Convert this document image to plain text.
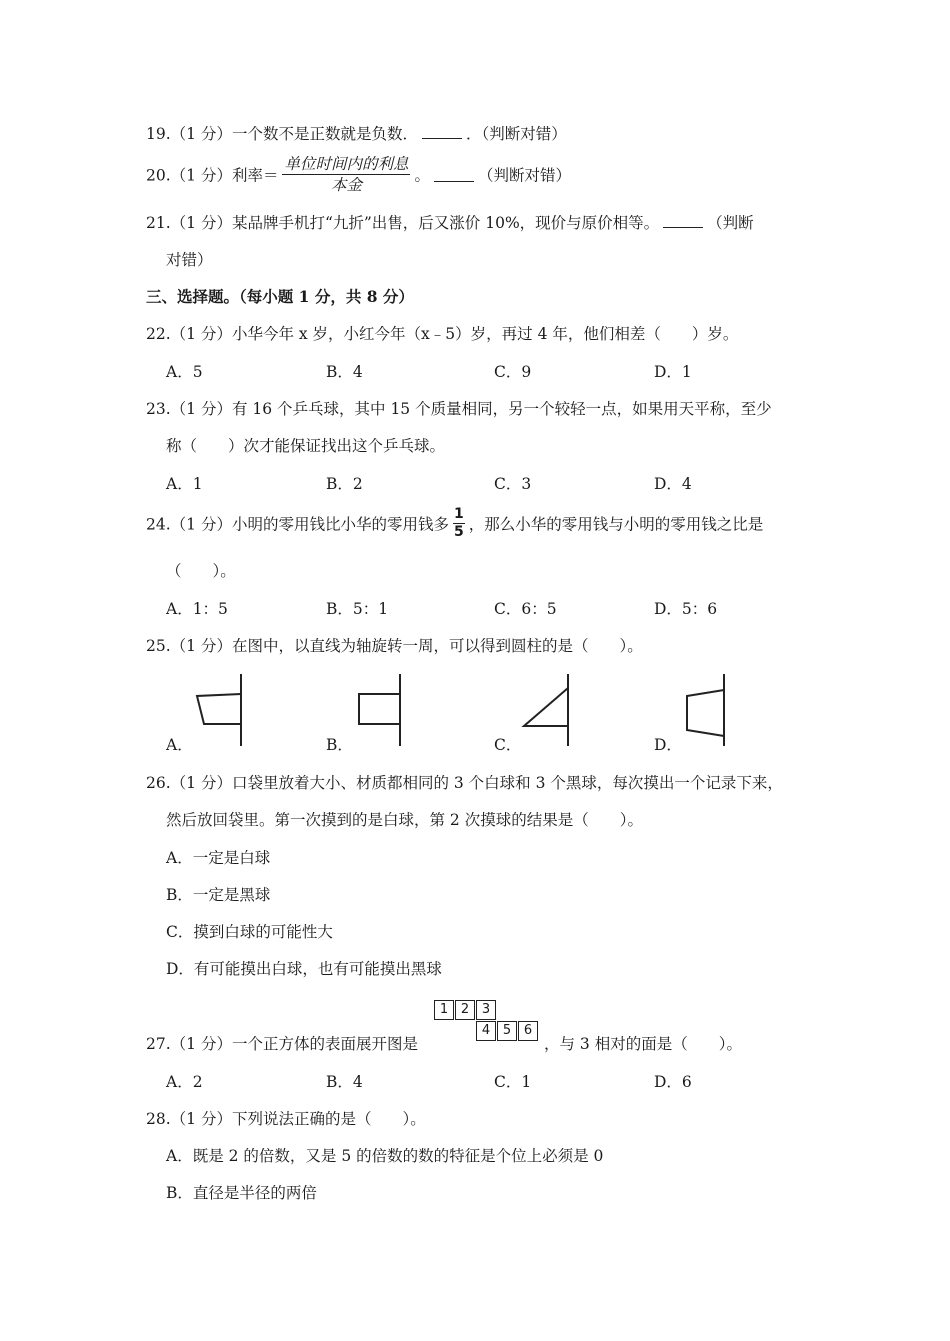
19.（1 分）一个数不是正数就是负数．	．（判断对错）
20.（1 分）利率＝ $\frac{\text{单位时间内的利息}}{\text{本金}}$ 。	（判断对错）
21.（1 分）某品牌手机打“九折”出售，后又涨价 10%，现价与原价相等。	（判断
对错）
三、选择题。（每小题 1 分，共 8 分）
22.（1 分）小华今年 x 岁，小红今年（x﹣5）岁，再过 4 年，他们相差（　　）岁。
A．5	B．4	C．9	D．1
23.（1 分）有 16 个乒乓球，其中 15 个质量相同，另一个较轻一点，如果用天平称，至少
称（　　）次才能保证找出这个乒乓球。
A．1	B．2	C．3	D．4
24.（1 分）小明的零用钱比小华的零用钱多 $\frac{1}{5}$ ，那么小华的零用钱与小明的零用钱之比是
（　　）。
A．1：5	B．5：1	C．6：5	D．5：6
25.（1 分）在图中，以直线为轴旋转一周，可以得到圆柱的是（　　）。
A．	B．	C．	D．
26.（1 分）口袋里放着大小、材质都相同的 3 个白球和 3 个黑球，每次摸出一个记录下来，
然后放回袋里。第一次摸到的是白球，第 2 次摸球的结果是（　　）。
A．一定是白球
B．一定是黑球
C．摸到白球的可能性大
D．有可能摸出白球，也有可能摸出黑球
27.（1 分）一个正方体的表面展开图是
1 2 3
4 5 6
，与 3 相对的面是（　　）。
A．2	B．4	C．1	D．6
28.（1 分）下列说法正确的是（　　）。
A．既是 2 的倍数，又是 5 的倍数的数的特征是个位上必须是 0
B．直径是半径的两倍
